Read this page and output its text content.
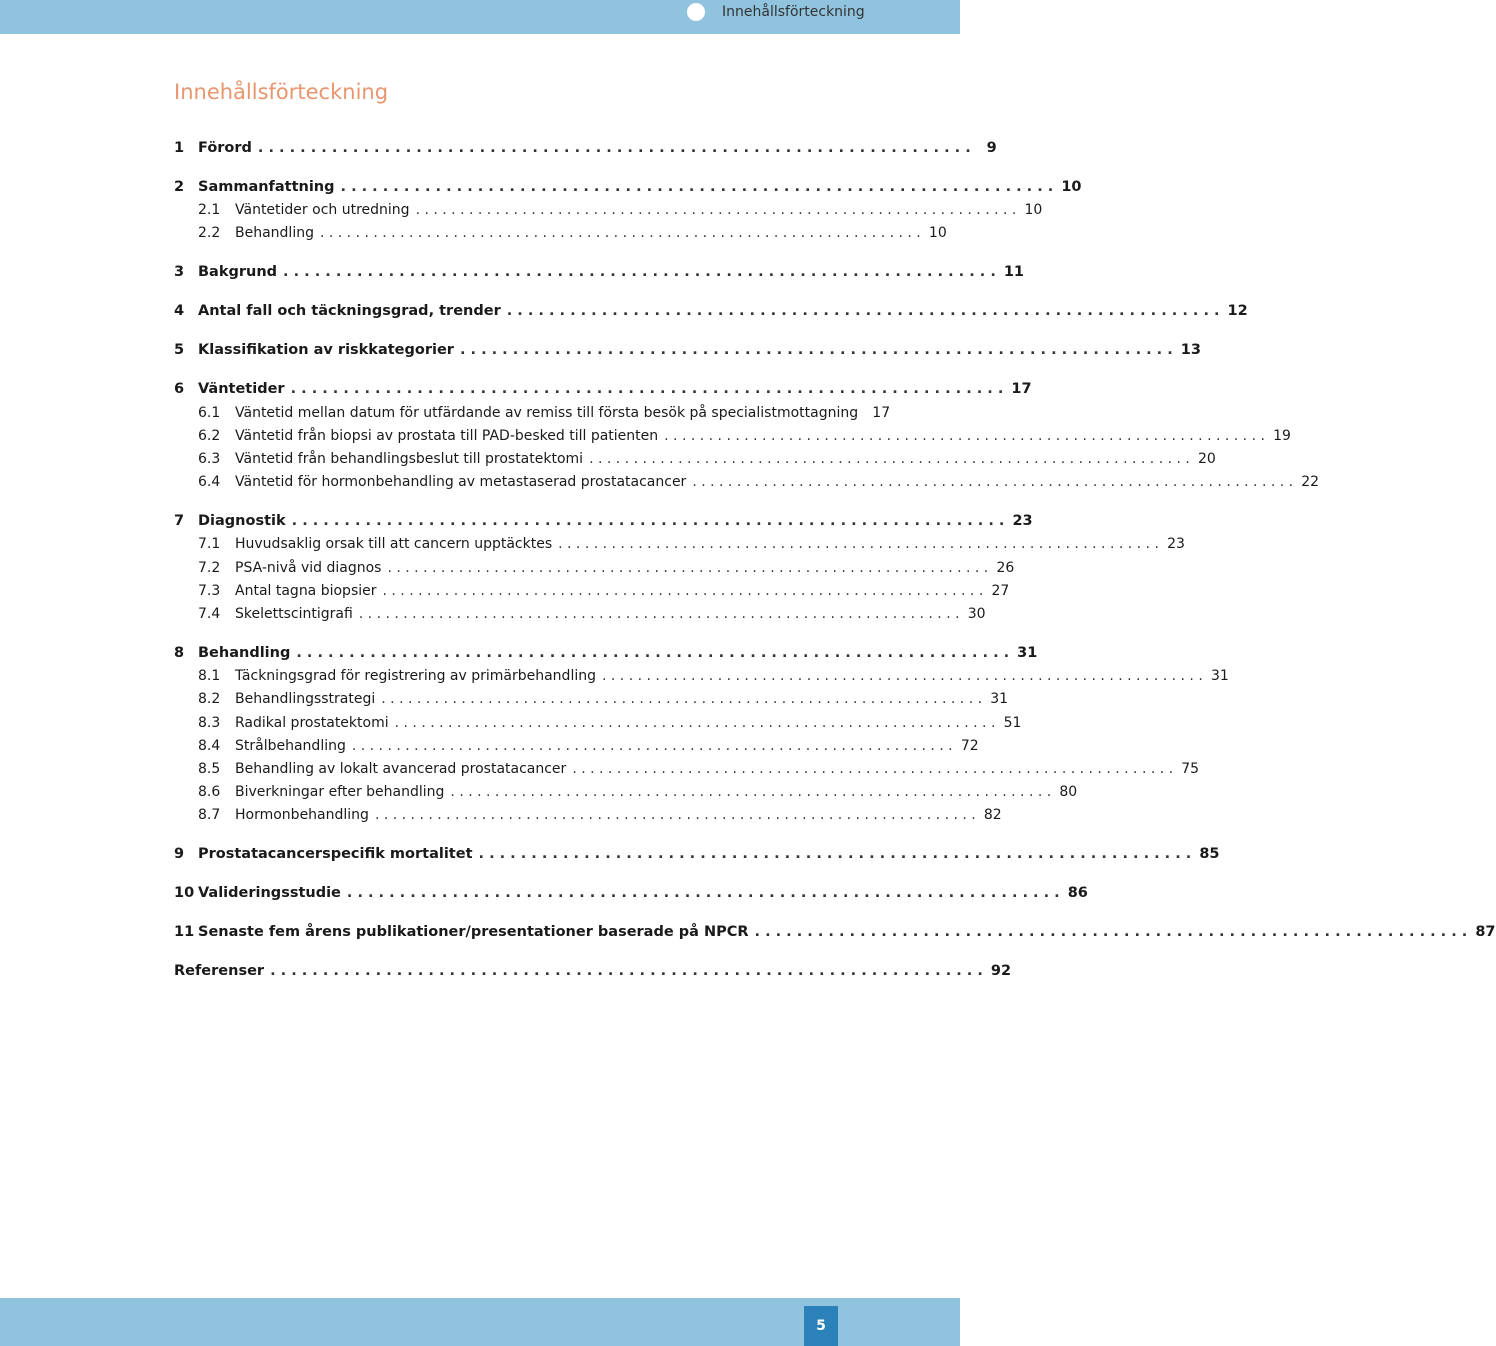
Innehållsförteckning
Innehållsförteckning
1 Förord . . . . . . . . . . . . . . . . . . . . . . . . . . . . . . . . . . . . . . . . . . . . . . . . . . . . . . . . . . . . . . . . . . . .	9
2 Sammanfattning . . . . . . . . . . . . . . . . . . . . . . . . . . . . . . . . . . . . . . . . . . . . . . . . . . . . . . . . . . . . . . . . . . . . 10
2.1	Väntetider och utredning . . . . . . . . . . . . . . . . . . . . . . . . . . . . . . . . . . . . . . . . . . . . . . . . . . . . . . . . . . . . . . . . . . . . 10
2.2	Behandling . . . . . . . . . . . . . . . . . . . . . . . . . . . . . . . . . . . . . . . . . . . . . . . . . . . . . . . . . . . . . . . . . . . . 10
3 Bakgrund . . . . . . . . . . . . . . . . . . . . . . . . . . . . . . . . . . . . . . . . . . . . . . . . . . . . . . . . . . . . . . . . . . . . 11
4 Antal fall och täckningsgrad, trender . . . . . . . . . . . . . . . . . . . . . . . . . . . . . . . . . . . . . . . . . . . . . . . . . . . . . . . . . . . . . . . . . . . . 12
5 Klassifikation av riskkategorier . . . . . . . . . . . . . . . . . . . . . . . . . . . . . . . . . . . . . . . . . . . . . . . . . . . . . . . . . . . . . . . . . . . . 13
6 Väntetider . . . . . . . . . . . . . . . . . . . . . . . . . . . . . . . . . . . . . . . . . . . . . . . . . . . . . . . . . . . . . . . . . . . . 17
6.1	Väntetid mellan datum för utfärdande av remiss till första besök på specialistmottagning 17
6.2	Väntetid från biopsi av prostata till PAD-besked till patienten . . . . . . . . . . . . . . . . . . . . . . . . . . . . . . . . . . . . . . . . . . . . . . . . . . . . . . . . . . . . . . . . . . . . 19
6.3	Väntetid från behandlingsbeslut till prostatektomi . . . . . . . . . . . . . . . . . . . . . . . . . . . . . . . . . . . . . . . . . . . . . . . . . . . . . . . . . . . . . . . . . . . . 20
6.4	Väntetid för hormonbehandling av metastaserad prostatacancer . . . . . . . . . . . . . . . . . . . . . . . . . . . . . . . . . . . . . . . . . . . . . . . . . . . . . . . . . . . . . . . . . . . . 22
7 Diagnostik . . . . . . . . . . . . . . . . . . . . . . . . . . . . . . . . . . . . . . . . . . . . . . . . . . . . . . . . . . . . . . . . . . . . 23
7.1	Huvudsaklig orsak till att cancern upptäcktes . . . . . . . . . . . . . . . . . . . . . . . . . . . . . . . . . . . . . . . . . . . . . . . . . . . . . . . . . . . . . . . . . . . . 23
7.2	PSA-nivå vid diagnos . . . . . . . . . . . . . . . . . . . . . . . . . . . . . . . . . . . . . . . . . . . . . . . . . . . . . . . . . . . . . . . . . . . . 26
7.3	Antal tagna biopsier . . . . . . . . . . . . . . . . . . . . . . . . . . . . . . . . . . . . . . . . . . . . . . . . . . . . . . . . . . . . . . . . . . . . 27
7.4	Skelettscintigrafi . . . . . . . . . . . . . . . . . . . . . . . . . . . . . . . . . . . . . . . . . . . . . . . . . . . . . . . . . . . . . . . . . . . . 30
8 Behandling . . . . . . . . . . . . . . . . . . . . . . . . . . . . . . . . . . . . . . . . . . . . . . . . . . . . . . . . . . . . . . . . . . . . 31
8.1	Täckningsgrad för registrering av primärbehandling . . . . . . . . . . . . . . . . . . . . . . . . . . . . . . . . . . . . . . . . . . . . . . . . . . . . . . . . . . . . . . . . . . . . 31
8.2	Behandlingsstrategi . . . . . . . . . . . . . . . . . . . . . . . . . . . . . . . . . . . . . . . . . . . . . . . . . . . . . . . . . . . . . . . . . . . . 31
8.3	Radikal prostatektomi . . . . . . . . . . . . . . . . . . . . . . . . . . . . . . . . . . . . . . . . . . . . . . . . . . . . . . . . . . . . . . . . . . . . 51
8.4	Strålbehandling . . . . . . . . . . . . . . . . . . . . . . . . . . . . . . . . . . . . . . . . . . . . . . . . . . . . . . . . . . . . . . . . . . . . 72
8.5	Behandling av lokalt avancerad prostatacancer . . . . . . . . . . . . . . . . . . . . . . . . . . . . . . . . . . . . . . . . . . . . . . . . . . . . . . . . . . . . . . . . . . . . 75
8.6	Biverkningar efter behandling . . . . . . . . . . . . . . . . . . . . . . . . . . . . . . . . . . . . . . . . . . . . . . . . . . . . . . . . . . . . . . . . . . . . 80
8.7	Hormonbehandling . . . . . . . . . . . . . . . . . . . . . . . . . . . . . . . . . . . . . . . . . . . . . . . . . . . . . . . . . . . . . . . . . . . . 82
9 Prostatacancerspecifik mortalitet . . . . . . . . . . . . . . . . . . . . . . . . . . . . . . . . . . . . . . . . . . . . . . . . . . . . . . . . . . . . . . . . . . . . 85
10 Valideringsstudie . . . . . . . . . . . . . . . . . . . . . . . . . . . . . . . . . . . . . . . . . . . . . . . . . . . . . . . . . . . . . . . . . . . . 86
11 Senaste fem årens publikationer/presentationer baserade på NPCR . . . . . . . . . . . . . . . . . . . . . . . . . . . . . . . . . . . . . . . . . . . . . . . . . . . . . . . . . . . . . . . . . . . . 87
Referenser . . . . . . . . . . . . . . . . . . . . . . . . . . . . . . . . . . . . . . . . . . . . . . . . . . . . . . . . . . . . . . . . . . . . 92
5
